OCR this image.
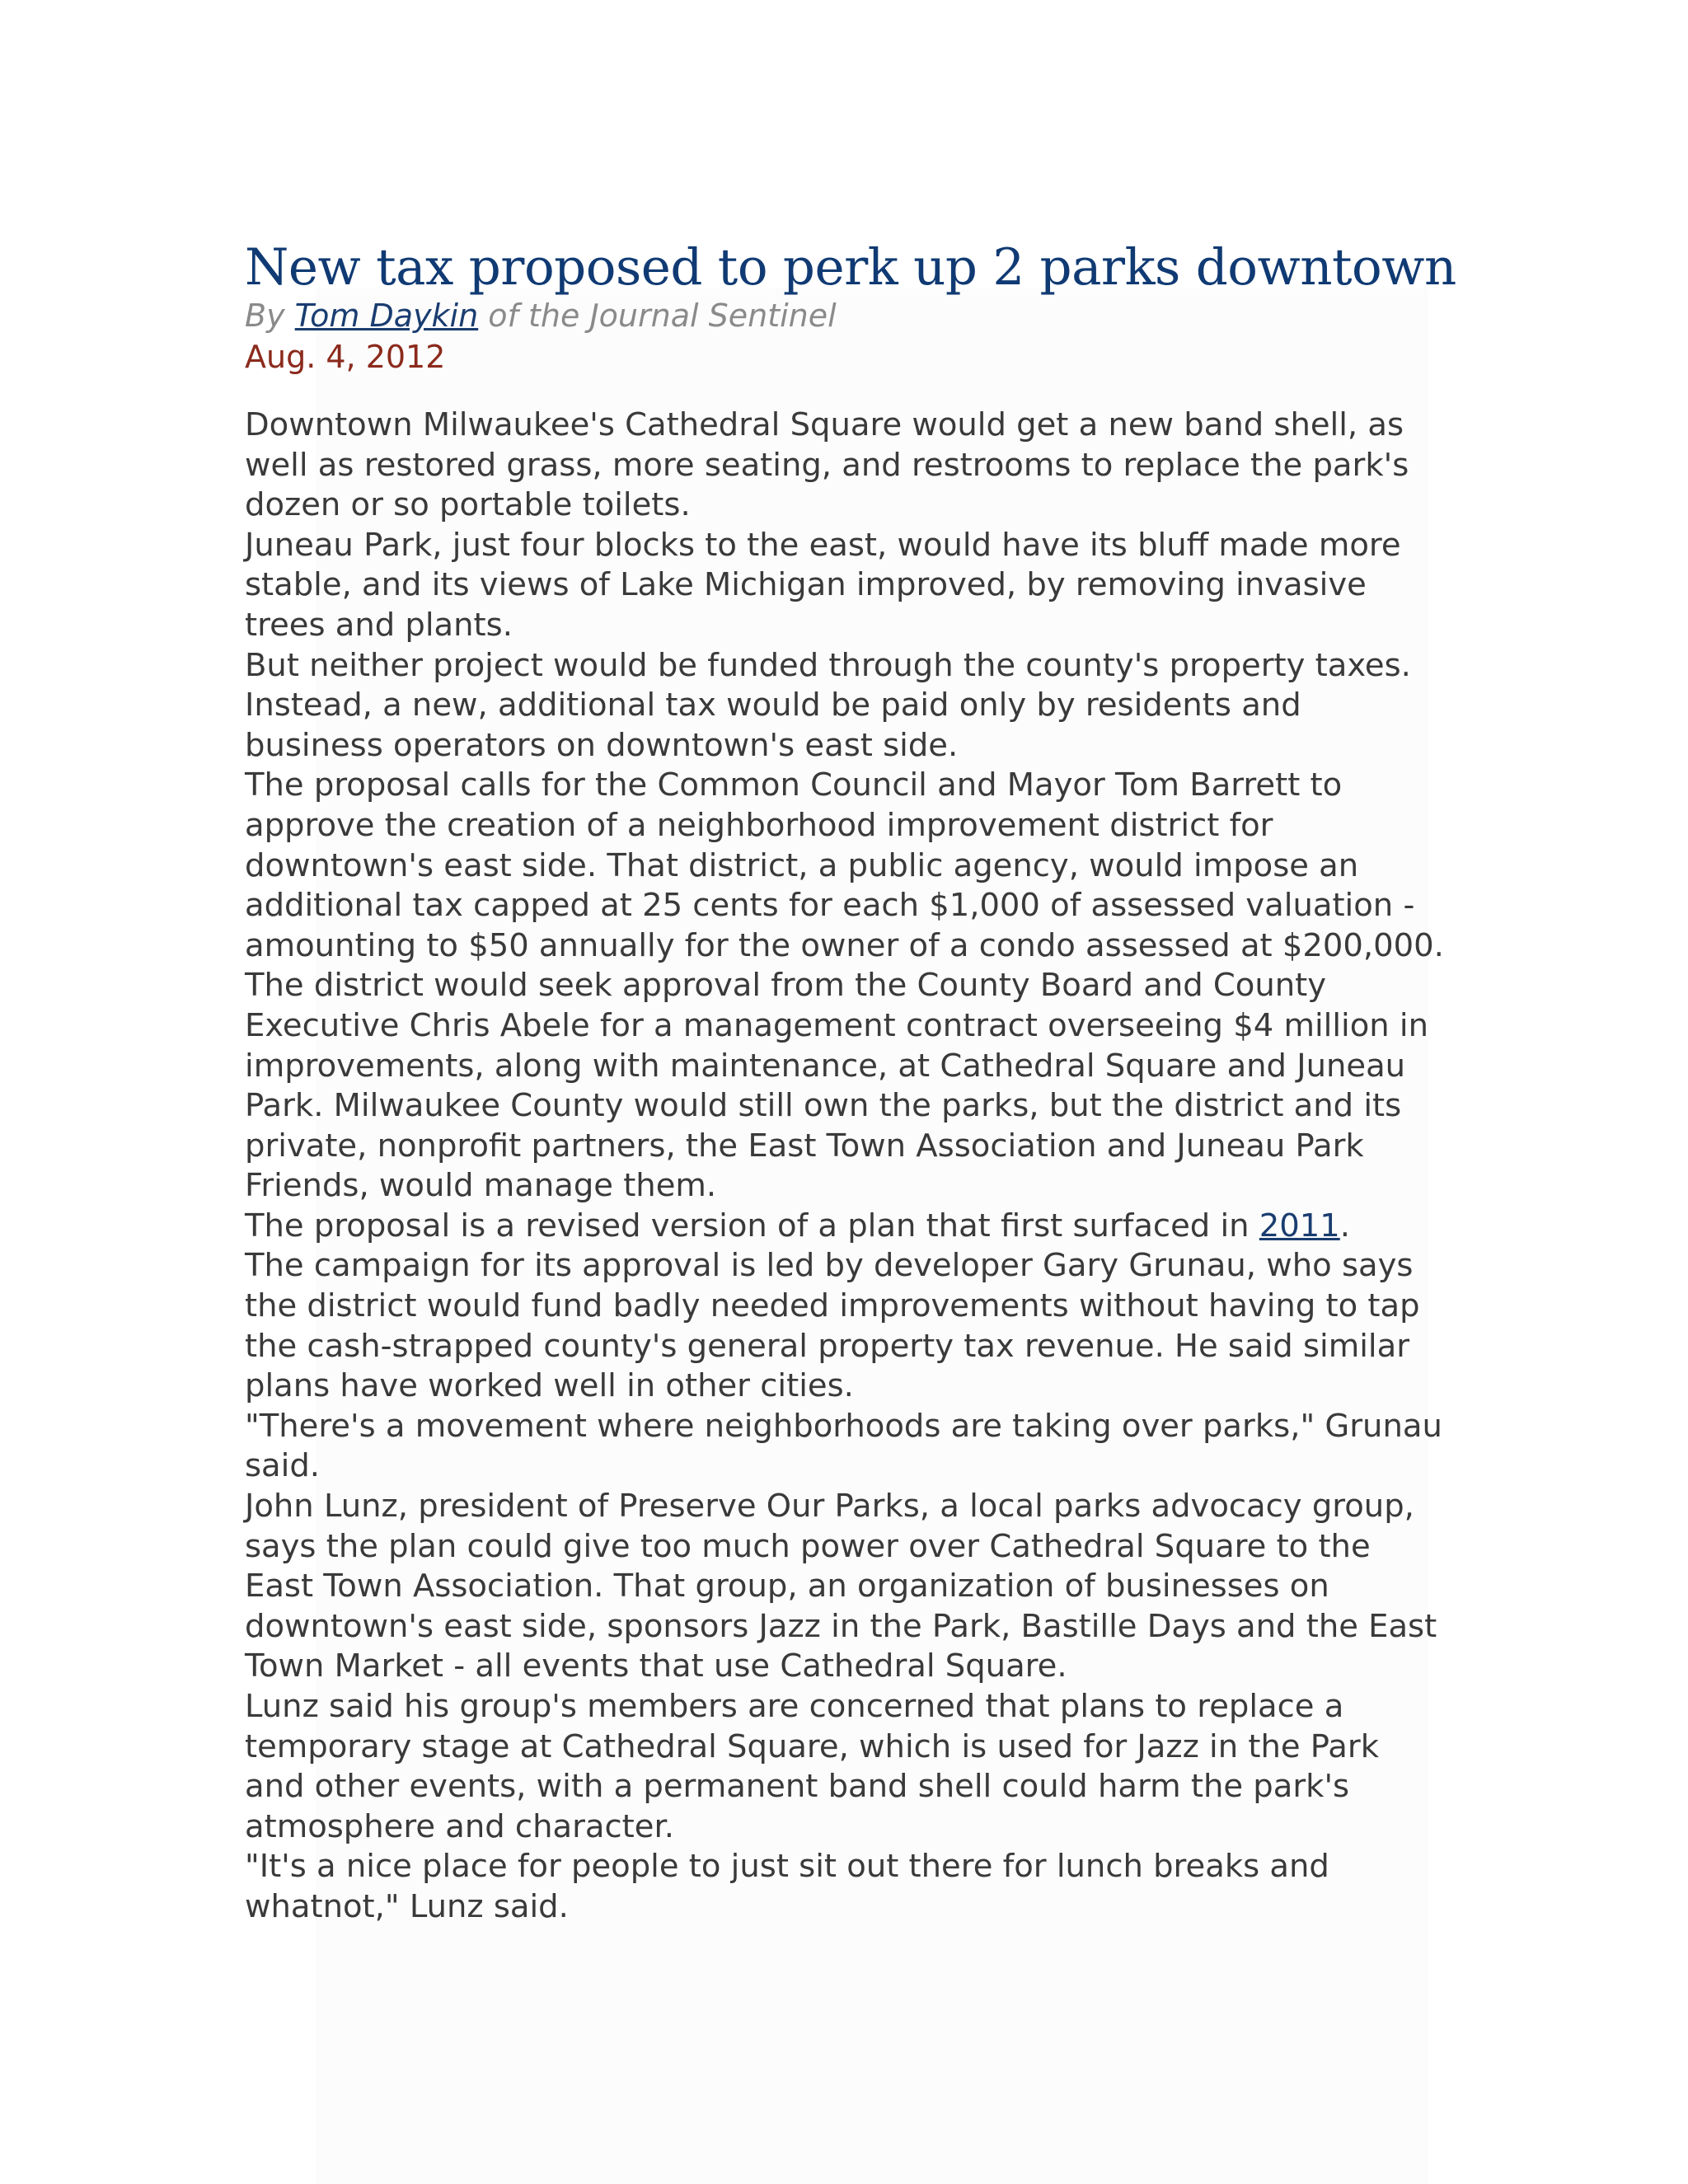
New tax proposed to perk up 2 parks downtown
By Tom Daykin of the Journal Sentinel
Aug. 4, 2012

Downtown Milwaukee's Cathedral Square would get a new band shell, as well as restored grass, more seating, and restrooms to replace the park's dozen or so portable toilets.

Juneau Park, just four blocks to the east, would have its bluff made more stable, and its views of Lake Michigan improved, by removing invasive trees and plants.

But neither project would be funded through the county's property taxes. Instead, a new, additional tax would be paid only by residents and business operators on downtown's east side.

The proposal calls for the Common Council and Mayor Tom Barrett to approve the creation of a neighborhood improvement district for downtown's east side. That district, a public agency, would impose an additional tax capped at 25 cents for each $1,000 of assessed valuation - amounting to $50 annually for the owner of a condo assessed at $200,000.

The district would seek approval from the County Board and County Executive Chris Abele for a management contract overseeing $4 million in improvements, along with maintenance, at Cathedral Square and Juneau Park. Milwaukee County would still own the parks, but the district and its private, nonprofit partners, the East Town Association and Juneau Park Friends, would manage them.

The proposal is a revised version of a plan that first surfaced in 2011.

The campaign for its approval is led by developer Gary Grunau, who says the district would fund badly needed improvements without having to tap the cash-strapped county's general property tax revenue. He said similar plans have worked well in other cities.

"There's a movement where neighborhoods are taking over parks," Grunau said.

John Lunz, president of Preserve Our Parks, a local parks advocacy group, says the plan could give too much power over Cathedral Square to the East Town Association. That group, an organization of businesses on downtown's east side, sponsors Jazz in the Park, Bastille Days and the East Town Market - all events that use Cathedral Square.

Lunz said his group's members are concerned that plans to replace a temporary stage at Cathedral Square, which is used for Jazz in the Park and other events, with a permanent band shell could harm the park's atmosphere and character.

"It's a nice place for people to just sit out there for lunch breaks and whatnot," Lunz said.
